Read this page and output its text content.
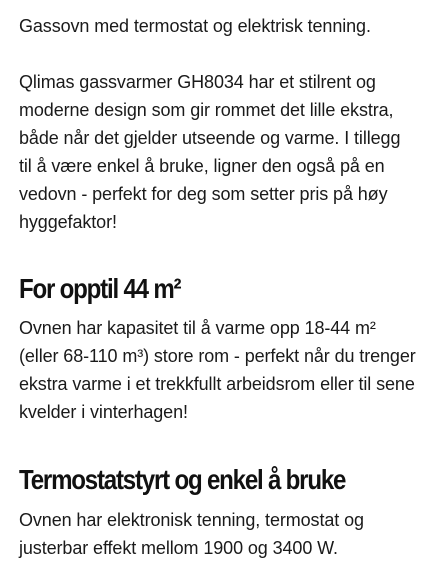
Gassovn med termostat og elektrisk tenning.

Qlimas gassvarmer GH8034 har et stilrent og moderne design som gir rommet det lille ekstra, både når det gjelder utseende og varme. I tillegg til å være enkel å bruke, ligner den også på en vedovn - perfekt for deg som setter pris på høy hyggefaktor!

For opptil 44 m²

Ovnen har kapasitet til å varme opp 18-44 m² (eller 68-110 m³) store rom - perfekt når du trenger ekstra varme i et trekkfullt arbeidsrom eller til sene kvelder i vinterhagen!

Termostatstyrt og enkel å bruke

Ovnen har elektronisk tenning, termostat og justerbar effekt mellom 1900 og 3400 W.
